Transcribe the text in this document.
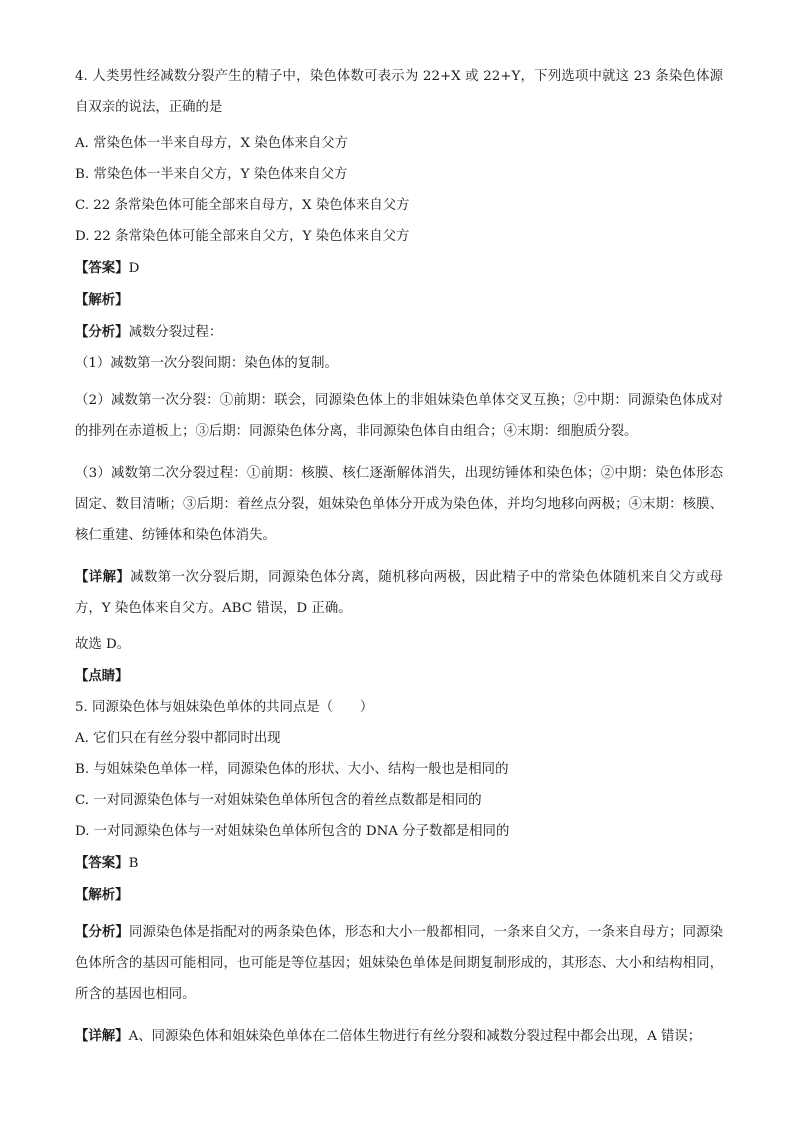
4. 人类男性经减数分裂产生的精子中，染色体数可表示为 22+X 或 22+Y，下列选项中就这 23 条染色体源自双亲的说法，正确的是
A. 常染色体一半来自母方，X 染色体来自父方
B. 常染色体一半来自父方，Y 染色体来自父方
C. 22 条常染色体可能全部来自母方，X 染色体来自父方
D. 22 条常染色体可能全部来自父方，Y 染色体来自父方
【答案】D
【解析】
【分析】减数分裂过程：
（1）减数第一次分裂间期：染色体的复制。
（2）减数第一次分裂：①前期：联会，同源染色体上的非姐妹染色单体交叉互换；②中期：同源染色体成对的排列在赤道板上；③后期：同源染色体分离，非同源染色体自由组合；④末期：细胞质分裂。
（3）减数第二次分裂过程：①前期：核膜、核仁逐渐解体消失，出现纺锤体和染色体；②中期：染色体形态固定、数目清晰；③后期：着丝点分裂，姐妹染色单体分开成为染色体，并均匀地移向两极；④末期：核膜、核仁重建、纺锤体和染色体消失。
【详解】减数第一次分裂后期，同源染色体分离，随机移向两极，因此精子中的常染色体随机来自父方或母方，Y 染色体来自父方。ABC 错误，D 正确。
故选 D。
【点睛】
5. 同源染色体与姐妹染色单体的共同点是（　　）
A. 它们只在有丝分裂中都同时出现
B. 与姐妹染色单体一样，同源染色体的形状、大小、结构一般也是相同的
C. 一对同源染色体与一对姐妹染色单体所包含的着丝点数都是相同的
D. 一对同源染色体与一对姐妹染色单体所包含的 DNA 分子数都是相同的
【答案】B
【解析】
【分析】同源染色体是指配对的两条染色体，形态和大小一般都相同，一条来自父方，一条来自母方；同源染色体所含的基因可能相同，也可能是等位基因；姐妹染色单体是间期复制形成的，其形态、大小和结构相同，所含的基因也相同。
【详解】A、同源染色体和姐妹染色单体在二倍体生物进行有丝分裂和减数分裂过程中都会出现，A 错误；
